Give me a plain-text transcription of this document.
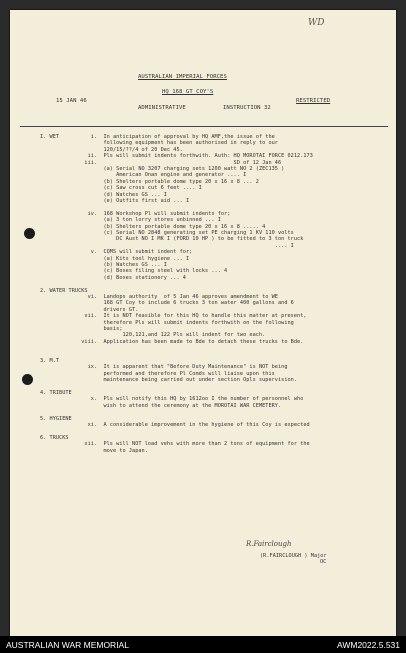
WD
AUSTRALIAN IMPERIAL FORCES
15 JAN 46
HQ 168 GT COY'S
RESTRICTED
ADMINISTRATIVE	INSTRUCTION 32
I. WET          i.  In anticipation of approval by HQ AMF,the issue of the
following equipment has been authorised in reply to our
120/15/??/4 of 20 Dec 45.
ii.  Pls will submit indents forthwith. Auth: HQ MOROTAI FORCE 0212.173
iii.                                           SD of 12 Jan 46
(a) Serial NO 3207 charging sets 1200 watt NO 2 (ZEC135 )
American Onan engine and generator .... I
(b) Shelters portable dome type 20 x 16 x 8 ... 2
(c) Saw cross cut 6 feet .... I
(d) Watches GS ... I
(e) Outfits first aid ... I
iv.  168 Workshop Pl will submit indents for;
(a) 3 ton lorry stores unbinned ... I
(b) Shelters portable dome type 20 x 16 x 8 ..... 4
(c) Serial NO 2848 generating set PE charging 1 KV 110 volts
DC Aust NO I MK I (FORD 10 HP ) to be fitted to 3 ton truck
.... I
v.  CQMS will submit indent for;
(a) Kits tool hygiene ... I
(b) Watches GS ... I
(c) Boxes filing steel with locks ... 4
(d) Boxes stationery ... 4
2. WATER TRUCKS
vi.  Landops authority  of 5 Jan 46 approves amendment to WE
168 GT Coy to include 6 trucks 3 ton water 400 gallons and 6
drivers GT.
vii.  It is NOT feasible for this HQ to handle this matter at present,
therefore Pls will submit indents forthwith on the following
basis;
120,121,and 122 Pls will indent for two each.
viii.  Application has been made to Bde to detach these trucks to Bde.
3. M.T
ix.  It is apparent that "Before Duty Maintenance" is NOT being
performed and therefore Pl Comds will liaise upon this
maintenance being carried out under section Opls supervision.
4. TRIBUTE
x.  Pls will notify this HQ by 1612oo I the number of personnel who
wish to attend the ceremony at the MOROTAI WAR CEMETERY.
5. HYGIENE
xi.  A considerable improvement in the hygiene of this Coy is expected
6. TRUCKS
xii.  Pls will NOT load vehs with more than 2 tons of equipment for the
move to Japan.
R.Fairclough
(R.FAIRCLOUGH ) Major
OC
AUSTRALIAN WAR MEMORIAL	AWM2022.5.531
